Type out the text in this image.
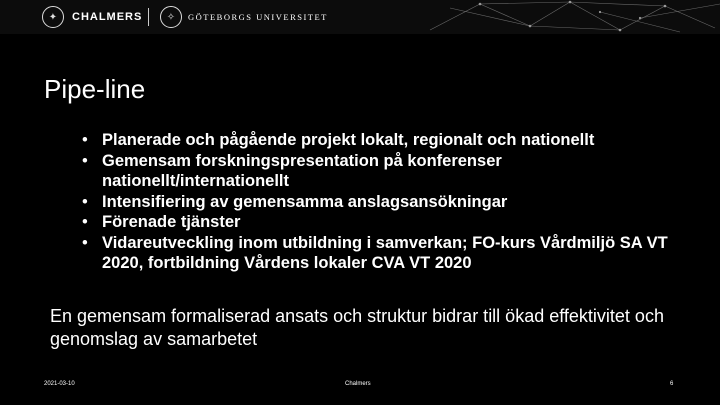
✦	CHALMERS	✧	GÖTEBORGS UNIVERSITET
Pipe-line
• Planerade och pågående projekt lokalt, regionalt och nationellt
• Gemensam forskningspresentation på konferenser nationellt/internationellt
• Intensifiering av gemensamma anslagsansökningar
• Förenade tjänster
• Vidareutveckling inom utbildning i samverkan; FO-kurs Vårdmiljö SA VT 2020, fortbildning Vårdens lokaler CVA VT 2020

En gemensam formaliserad ansats och struktur bidrar till ökad effektivitet och genomslag av samarbetet

2021-03-10	Chalmers	6
